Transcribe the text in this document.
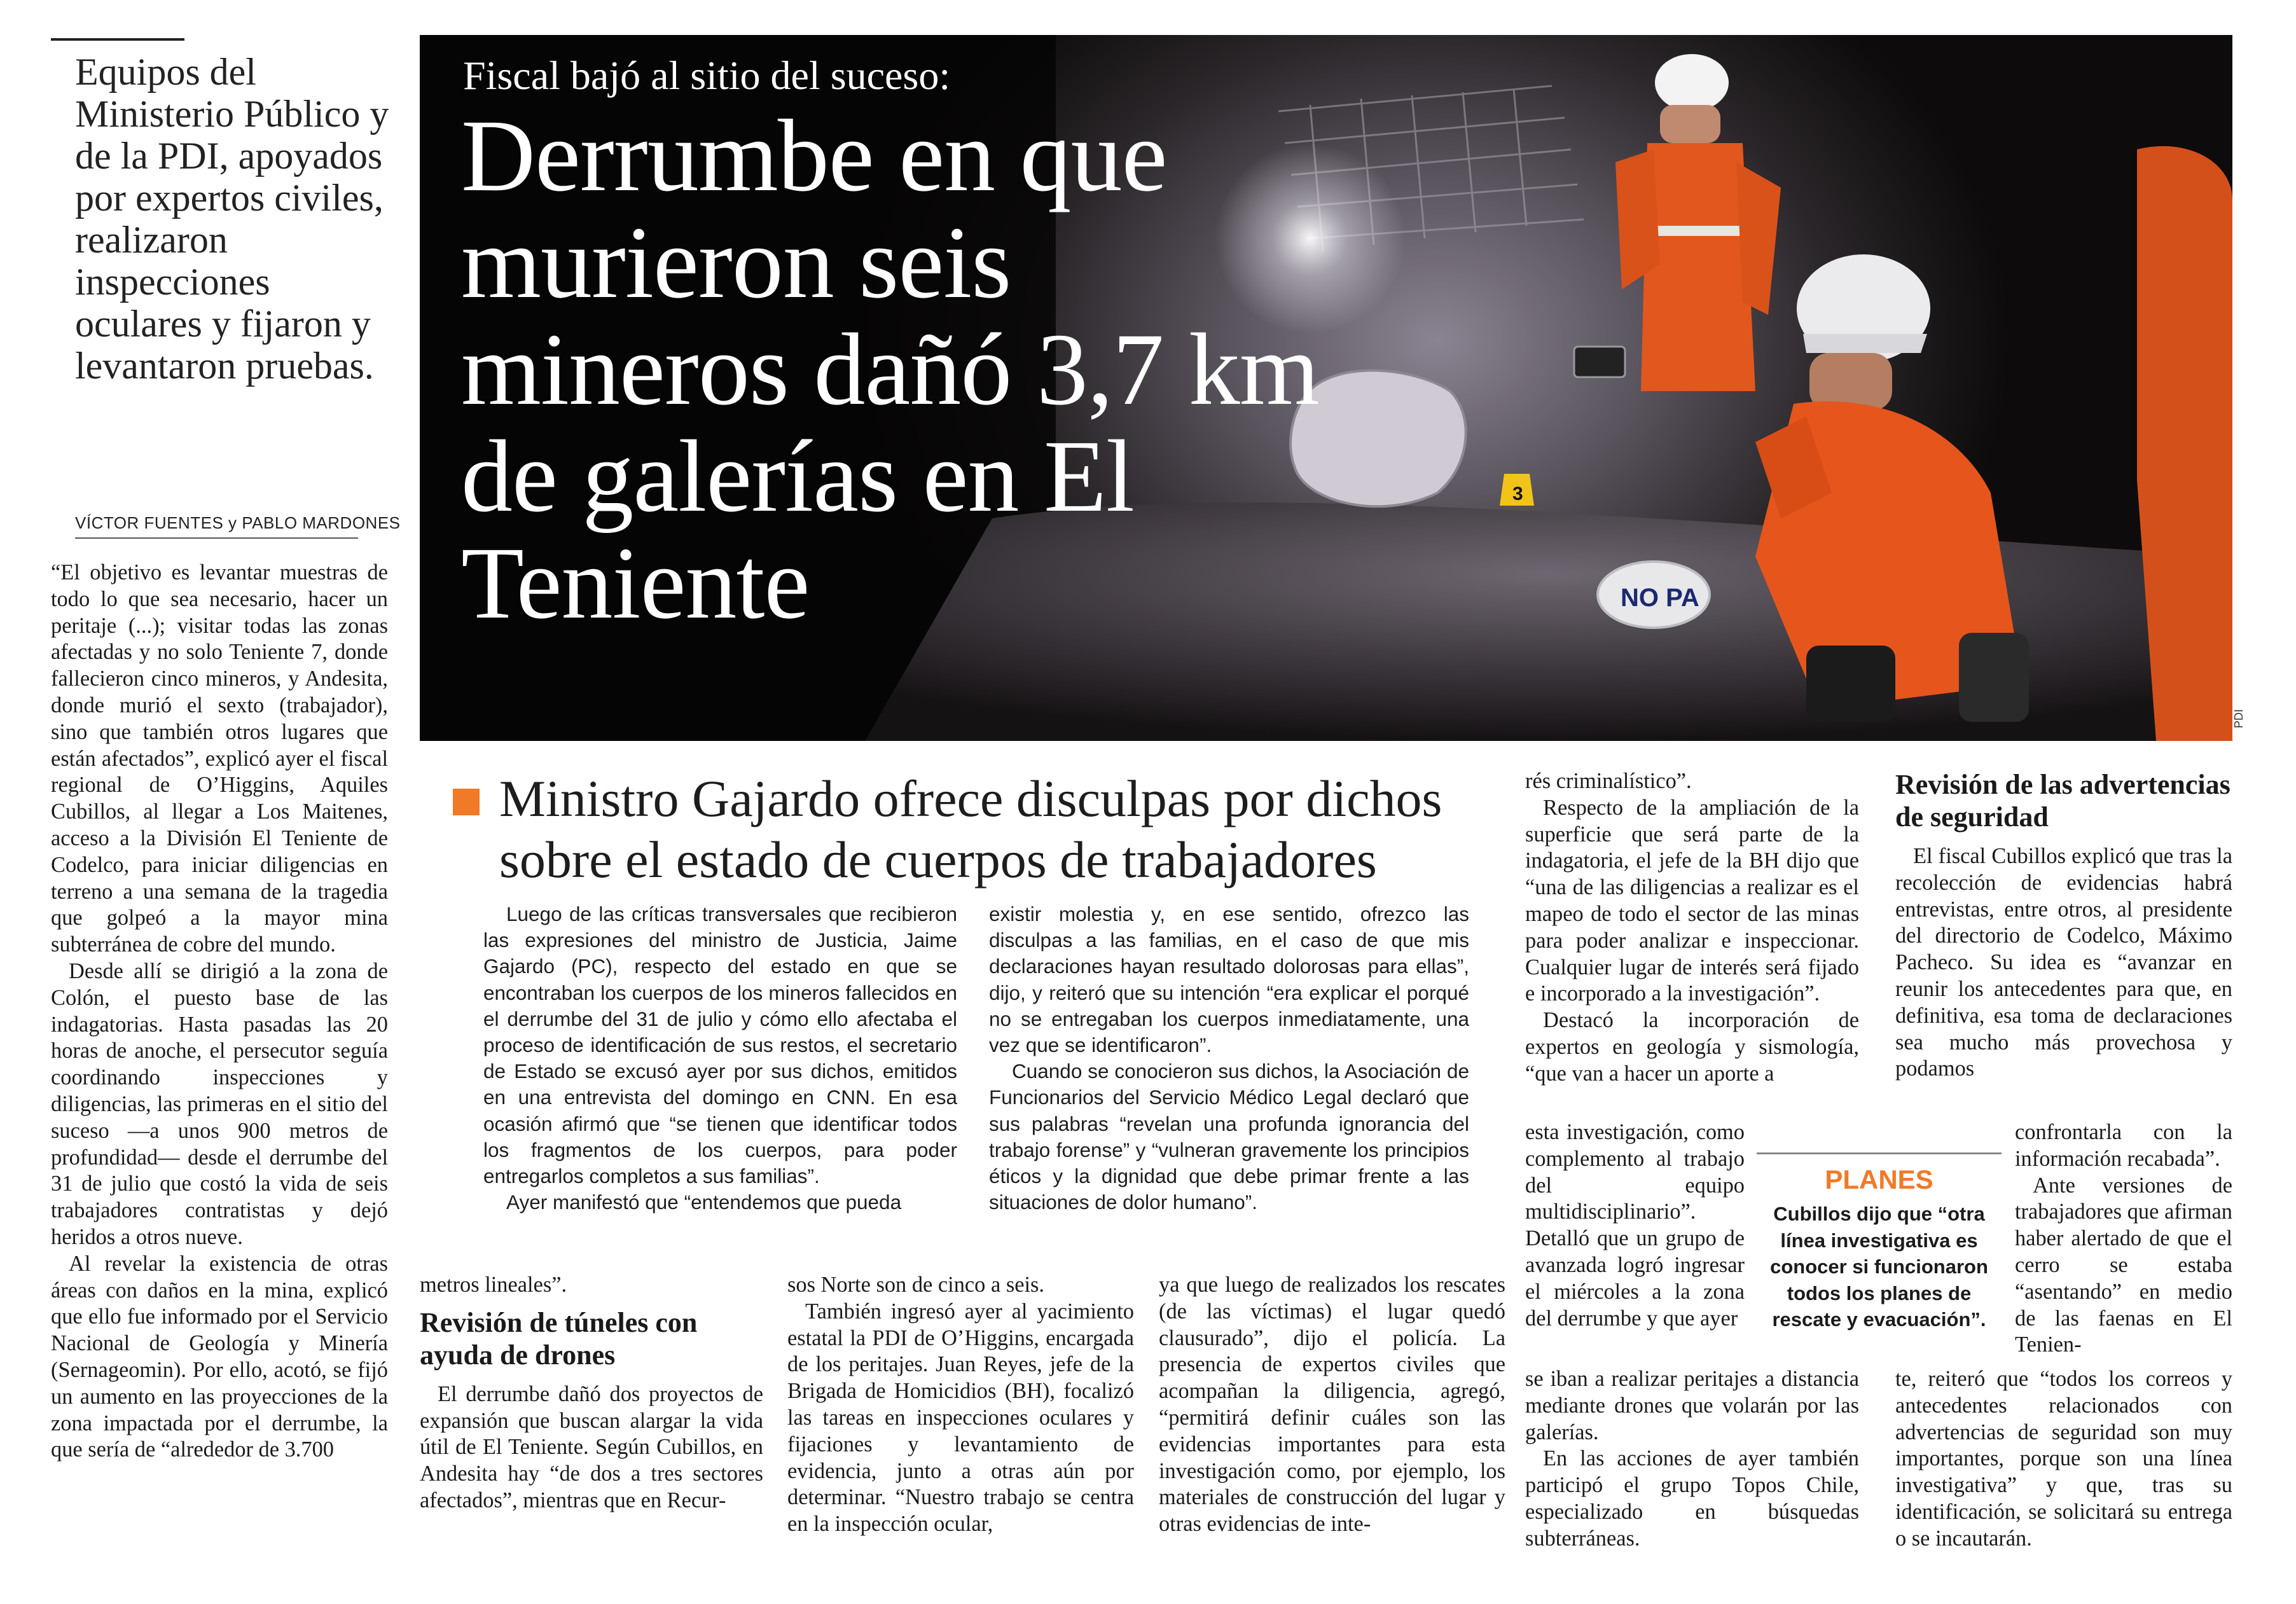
Equipos del Ministerio Público y de la PDI, apoyados por expertos civiles, realizaron inspecciones oculares y fijaron y levantaron pruebas.

VÍCTOR FUENTES y PABLO MARDONES

“El objetivo es levantar muestras de todo lo que sea necesario, hacer un peritaje (...); visitar todas las zonas afectadas y no solo Teniente 7, donde fallecieron cinco mineros, y Andesita, donde murió el sexto (trabajador), sino que también otros lugares que están afectados”, explicó ayer el fiscal regional de O’Higgins, Aquiles Cubillos, al llegar a Los Maitenes, acceso a la División El Teniente de Codelco, para iniciar diligencias en terreno a una semana de la tragedia que golpeó a la mayor mina subterránea de cobre del mundo.

Desde allí se dirigió a la zona de Colón, el puesto base de las indagatorias. Hasta pasadas las 20 horas de anoche, el persecutor seguía coordinando inspecciones y diligencias, las primeras en el sitio del suceso —a unos 900 metros de profundidad— desde el derrumbe del 31 de julio que costó la vida de seis trabajadores contratistas y dejó heridos a otros nueve.

Al revelar la existencia de otras áreas con daños en la mina, explicó que ello fue informado por el Servicio Nacional de Geología y Minería (Sernageomin). Por ello, acotó, se fijó un aumento en las proyecciones de la zona impactada por el derrumbe, la que sería de “alrededor de 3.700

3
NO PA

Fiscal bajó al sitio del suceso:

Derrumbe en que murieron seis mineros dañó 3,7 km de galerías en El Teniente
PDI
Ministro Gajardo ofrece disculpas por dichos sobre el estado de cuerpos de trabajadores

Luego de las críticas transversales que recibieron las expresiones del ministro de Justicia, Jaime Gajardo (PC), respecto del estado en que se encontraban los cuerpos de los mineros fallecidos en el derrumbe del 31 de julio y cómo ello afectaba el proceso de identificación de sus restos, el secretario de Estado se excusó ayer por sus dichos, emitidos en una entrevista del domingo en CNN. En esa ocasión afirmó que “se tienen que identificar todos los fragmentos de los cuerpos, para poder entregarlos completos a sus familias”.

Ayer manifestó que “entendemos que pueda

existir molestia y, en ese sentido, ofrezco las disculpas a las familias, en el caso de que mis declaraciones hayan resultado dolorosas para ellas”, dijo, y reiteró que su intención “era explicar el porqué no se entregaban los cuerpos inmediatamente, una vez que se identificaron”.

Cuando se conocieron sus dichos, la Asociación de Funcionarios del Servicio Médico Legal declaró que sus palabras “revelan una profunda ignorancia del trabajo forense” y “vulneran gravemente los principios éticos y la dignidad que debe primar frente a las situaciones de dolor humano”.

metros lineales”.

Revisión de túneles con ayuda de drones

El derrumbe dañó dos proyectos de expansión que buscan alargar la vida útil de El Teniente. Según Cubillos, en Andesita hay “de dos a tres sectores afectados”, mientras que en Recur-

sos Norte son de cinco a seis.

También ingresó ayer al yacimiento estatal la PDI de O’Higgins, encargada de los peritajes. Juan Reyes, jefe de la Brigada de Homicidios (BH), focalizó las tareas en inspecciones oculares y fijaciones y levantamiento de evidencia, junto a otras aún por determinar. “Nuestro trabajo se centra en la inspección ocular,

ya que luego de realizados los rescates (de las víctimas) el lugar quedó clausurado”, dijo el policía. La presencia de expertos civiles que acompañan la diligencia, agregó, “permitirá definir cuáles son las evidencias importantes para esta investigación como, por ejemplo, los materiales de construcción del lugar y otras evidencias de inte-

rés criminalístico”.

Respecto de la ampliación de la superficie que será parte de la indagatoria, el jefe de la BH dijo que “una de las diligencias a realizar es el mapeo de todo el sector de las minas para poder analizar e inspeccionar. Cualquier lugar de interés será fijado e incorporado a la investigación”.

Destacó la incorporación de expertos en geología y sismología, “que van a hacer un aporte a

esta investigación, como complemento al trabajo del equipo multidisciplinario”. Detalló que un grupo de avanzada logró ingresar el miércoles a la zona del derrumbe y que ayer

se iban a realizar peritajes a distancia mediante drones que volarán por las galerías.

En las acciones de ayer también participó el grupo Topos Chile, especializado en búsquedas subterráneas.

Revisión de las advertencias de seguridad

El fiscal Cubillos explicó que tras la recolección de evidencias habrá entrevistas, entre otros, al presidente del directorio de Codelco, Máximo Pacheco. Su idea es “avanzar en reunir los antecedentes para que, en definitiva, esa toma de declaraciones sea mucho más provechosa y podamos

confrontarla con la información recabada”.

Ante versiones de trabajadores que afirman haber alertado de que el cerro se estaba “asentando” en medio de las faenas en El Tenien-

te, reiteró que “todos los correos y antecedentes relacionados con advertencias de seguridad son muy importantes, porque son una línea investigativa” y que, tras su identificación, se solicitará su entrega o se incautarán.

PLANES
Cubillos dijo que “otra línea investigativa es conocer si funcionaron todos los planes de rescate y evacuación”.
